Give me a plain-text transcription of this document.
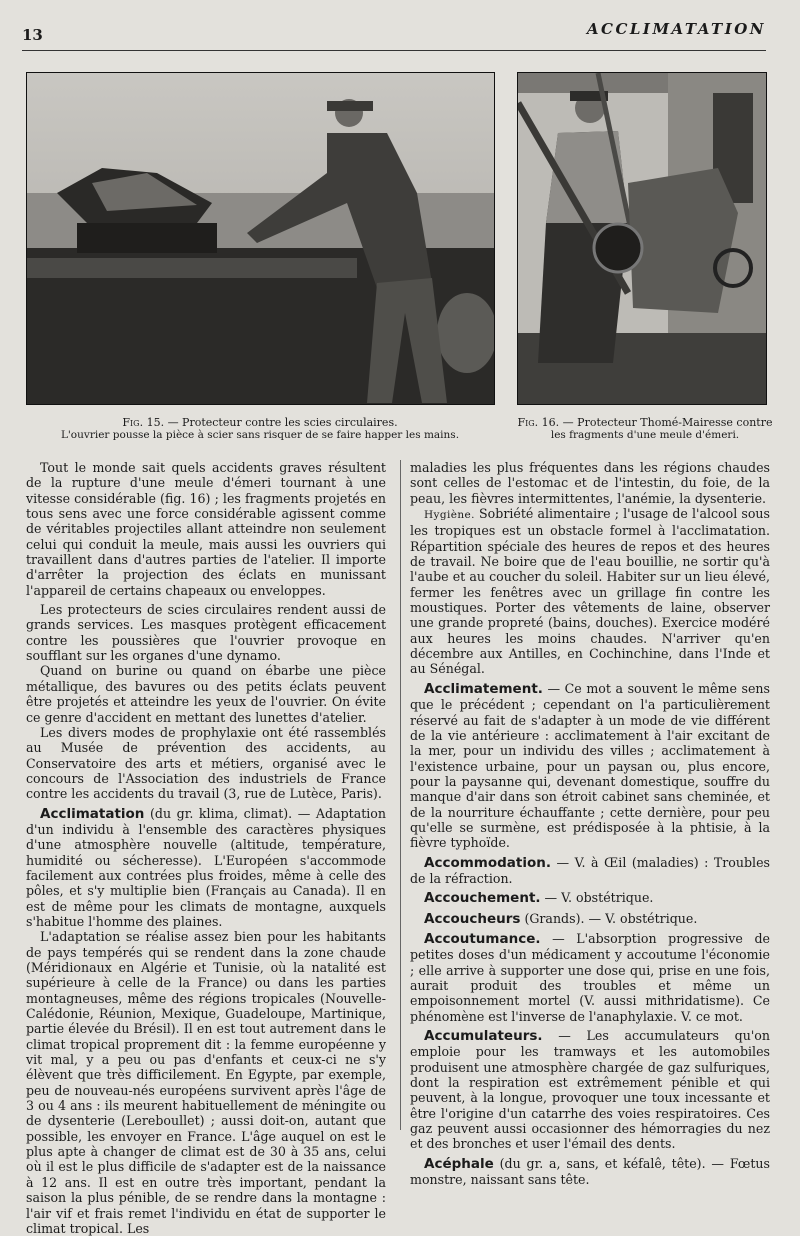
13	ACCLIMATATION
Fig. 15. — Protecteur contre les scies circulaires.
L'ouvrier pousse la pièce à scier sans risquer de se faire happer les mains.
Fig. 16. — Protecteur Thomé-Mairesse contre
les fragments d'une meule d'émeri.

Tout le monde sait quels accidents graves résultent de la rupture d'une meule d'émeri tournant à une vitesse considérable (fig. 16) ; les fragments projetés en tous sens avec une force considérable agissent comme de véritables projectiles allant atteindre non seulement celui qui conduit la meule, mais aussi les ouvriers qui travaillent dans d'autres parties de l'atelier. Il importe d'arrêter la projection des éclats en munissant l'appareil de certains chapeaux ou enveloppes.

Les protecteurs de scies circulaires rendent aussi de grands services. Les masques protègent efficacement contre les poussières que l'ouvrier provoque en soufflant sur les organes d'une dynamo.

Quand on burine ou quand on ébarbe une pièce métallique, des bavures ou des petits éclats peuvent être projetés et atteindre les yeux de l'ouvrier. On évite ce genre d'accident en mettant des lunettes d'atelier.

Les divers modes de prophylaxie ont été rassemblés au Musée de prévention des accidents, au Conservatoire des arts et métiers, organisé avec le concours de l'Association des industriels de France contre les accidents du travail (3, rue de Lutèce, Paris).

Acclimatation (du gr. klima, climat). — Adaptation d'un individu à l'ensemble des caractères physiques d'une atmosphère nouvelle (altitude, température, humidité ou sécheresse). L'Européen s'accommode facilement aux contrées plus froides, même à celle des pôles, et s'y multiplie bien (Français au Canada). Il en est de même pour les climats de montagne, auxquels s'habitue l'homme des plaines.

L'adaptation se réalise assez bien pour les habitants de pays tempérés qui se rendent dans la zone chaude (Méridionaux en Algérie et Tunisie, où la natalité est supérieure à celle de la France) ou dans les parties montagneuses, même des régions tropicales (Nouvelle-Calédonie, Réunion, Mexique, Guadeloupe, Martinique, partie élevée du Brésil). Il en est tout autrement dans le climat tropical proprement dit : la femme européenne y vit mal, y a peu ou pas d'enfants et ceux-ci ne s'y élèvent que très difficilement. En Egypte, par exemple, peu de nouveau-nés européens survivent après l'âge de 3 ou 4 ans : ils meurent habituellement de méningite ou de dysenterie (Lereboullet) ; aussi doit-on, autant que possible, les envoyer en France. L'âge auquel on est le plus apte à changer de climat est de 30 à 35 ans, celui où il est le plus difficile de s'adapter est de la naissance à 12 ans. Il est en outre très important, pendant la saison la plus pénible, de se rendre dans la montagne : l'air vif et frais remet l'individu en état de supporter le climat tropical. Les

maladies les plus fréquentes dans les régions chaudes sont celles de l'estomac et de l'intestin, du foie, de la peau, les fièvres intermittentes, l'anémie, la dysenterie.

Hygiène. Sobriété alimentaire ; l'usage de l'alcool sous les tropiques est un obstacle formel à l'acclimatation. Répartition spéciale des heures de repos et des heures de travail. Ne boire que de l'eau bouillie, ne sortir qu'à l'aube et au coucher du soleil. Habiter sur un lieu élevé, fermer les fenêtres avec un grillage fin contre les moustiques. Porter des vêtements de laine, observer une grande propreté (bains, douches). Exercice modéré aux heures les moins chaudes. N'arriver qu'en décembre aux Antilles, en Cochinchine, dans l'Inde et au Sénégal.

Acclimatement. — Ce mot a souvent le même sens que le précédent ; cependant on l'a particulièrement réservé au fait de s'adapter à un mode de vie différent de la vie antérieure : acclimatement à l'air excitant de la mer, pour un individu des villes ; acclimatement à l'existence urbaine, pour un paysan ou, plus encore, pour la paysanne qui, devenant domestique, souffre du manque d'air dans son étroit cabinet sans cheminée, et de la nourriture échauffante ; cette dernière, pour peu qu'elle se surmène, est prédisposée à la phtisie, à la fièvre typhoïde.

Accommodation. — V. à Œil (maladies) : Troubles de la réfraction.

Accouchement. — V. obstétrique.

Accoucheurs (Grands). — V. obstétrique.

Accoutumance. — L'absorption progressive de petites doses d'un médicament y accoutume l'économie ; elle arrive à supporter une dose qui, prise en une fois, aurait produit des troubles et même un empoisonnement mortel (V. aussi mithridatisme). Ce phénomène est l'inverse de l'anaphylaxie. V. ce mot.

Accumulateurs. — Les accumulateurs qu'on emploie pour les tramways et les automobiles produisent une atmosphère chargée de gaz sulfuriques, dont la respiration est extrêmement pénible et qui peuvent, à la longue, provoquer une toux incessante et être l'origine d'un catarrhe des voies respiratoires. Ces gaz peuvent aussi occasionner des hémorragies du nez et des bronches et user l'émail des dents.

Acéphale (du gr. a, sans, et kéfalê, tête). — Fœtus monstre, naissant sans tête.
